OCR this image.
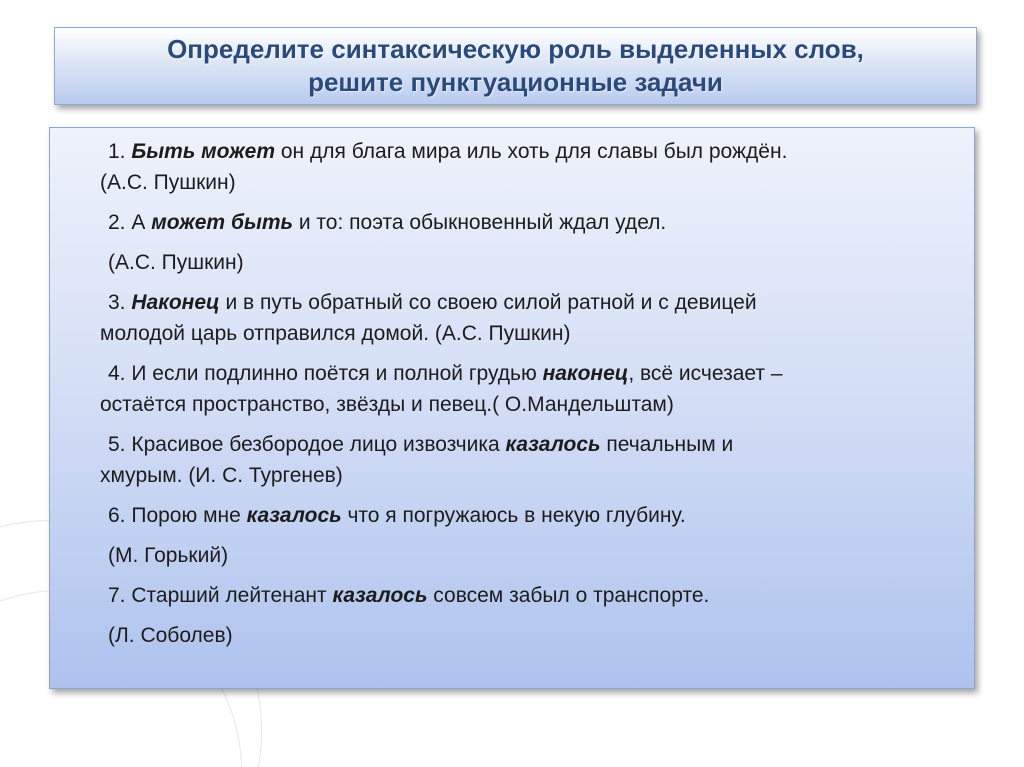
Определите синтаксическую роль выделенных слов,
решите пунктуационные задачи

1. Быть может он для блага мира иль хоть для славы был рождён.

(А.С. Пушкин)

2. А может быть и то: поэта обыкновенный ждал удел.

(А.С. Пушкин)

3. Наконец и в путь обратный со своею силой ратной и с девицей

молодой царь отправился домой. (А.С. Пушкин)

4. И если подлинно поётся и полной грудью наконец, всё исчезает –

остаётся пространство, звёзды и певец.( О.Мандельштам)

5. Красивое безбородое лицо извозчика казалось печальным и

хмурым. (И. С. Тургенев)

6. Порою мне казалось что я погружаюсь в некую глубину.

(М. Горький)

7. Старший лейтенант казалось совсем забыл о транспорте.

(Л. Соболев)
